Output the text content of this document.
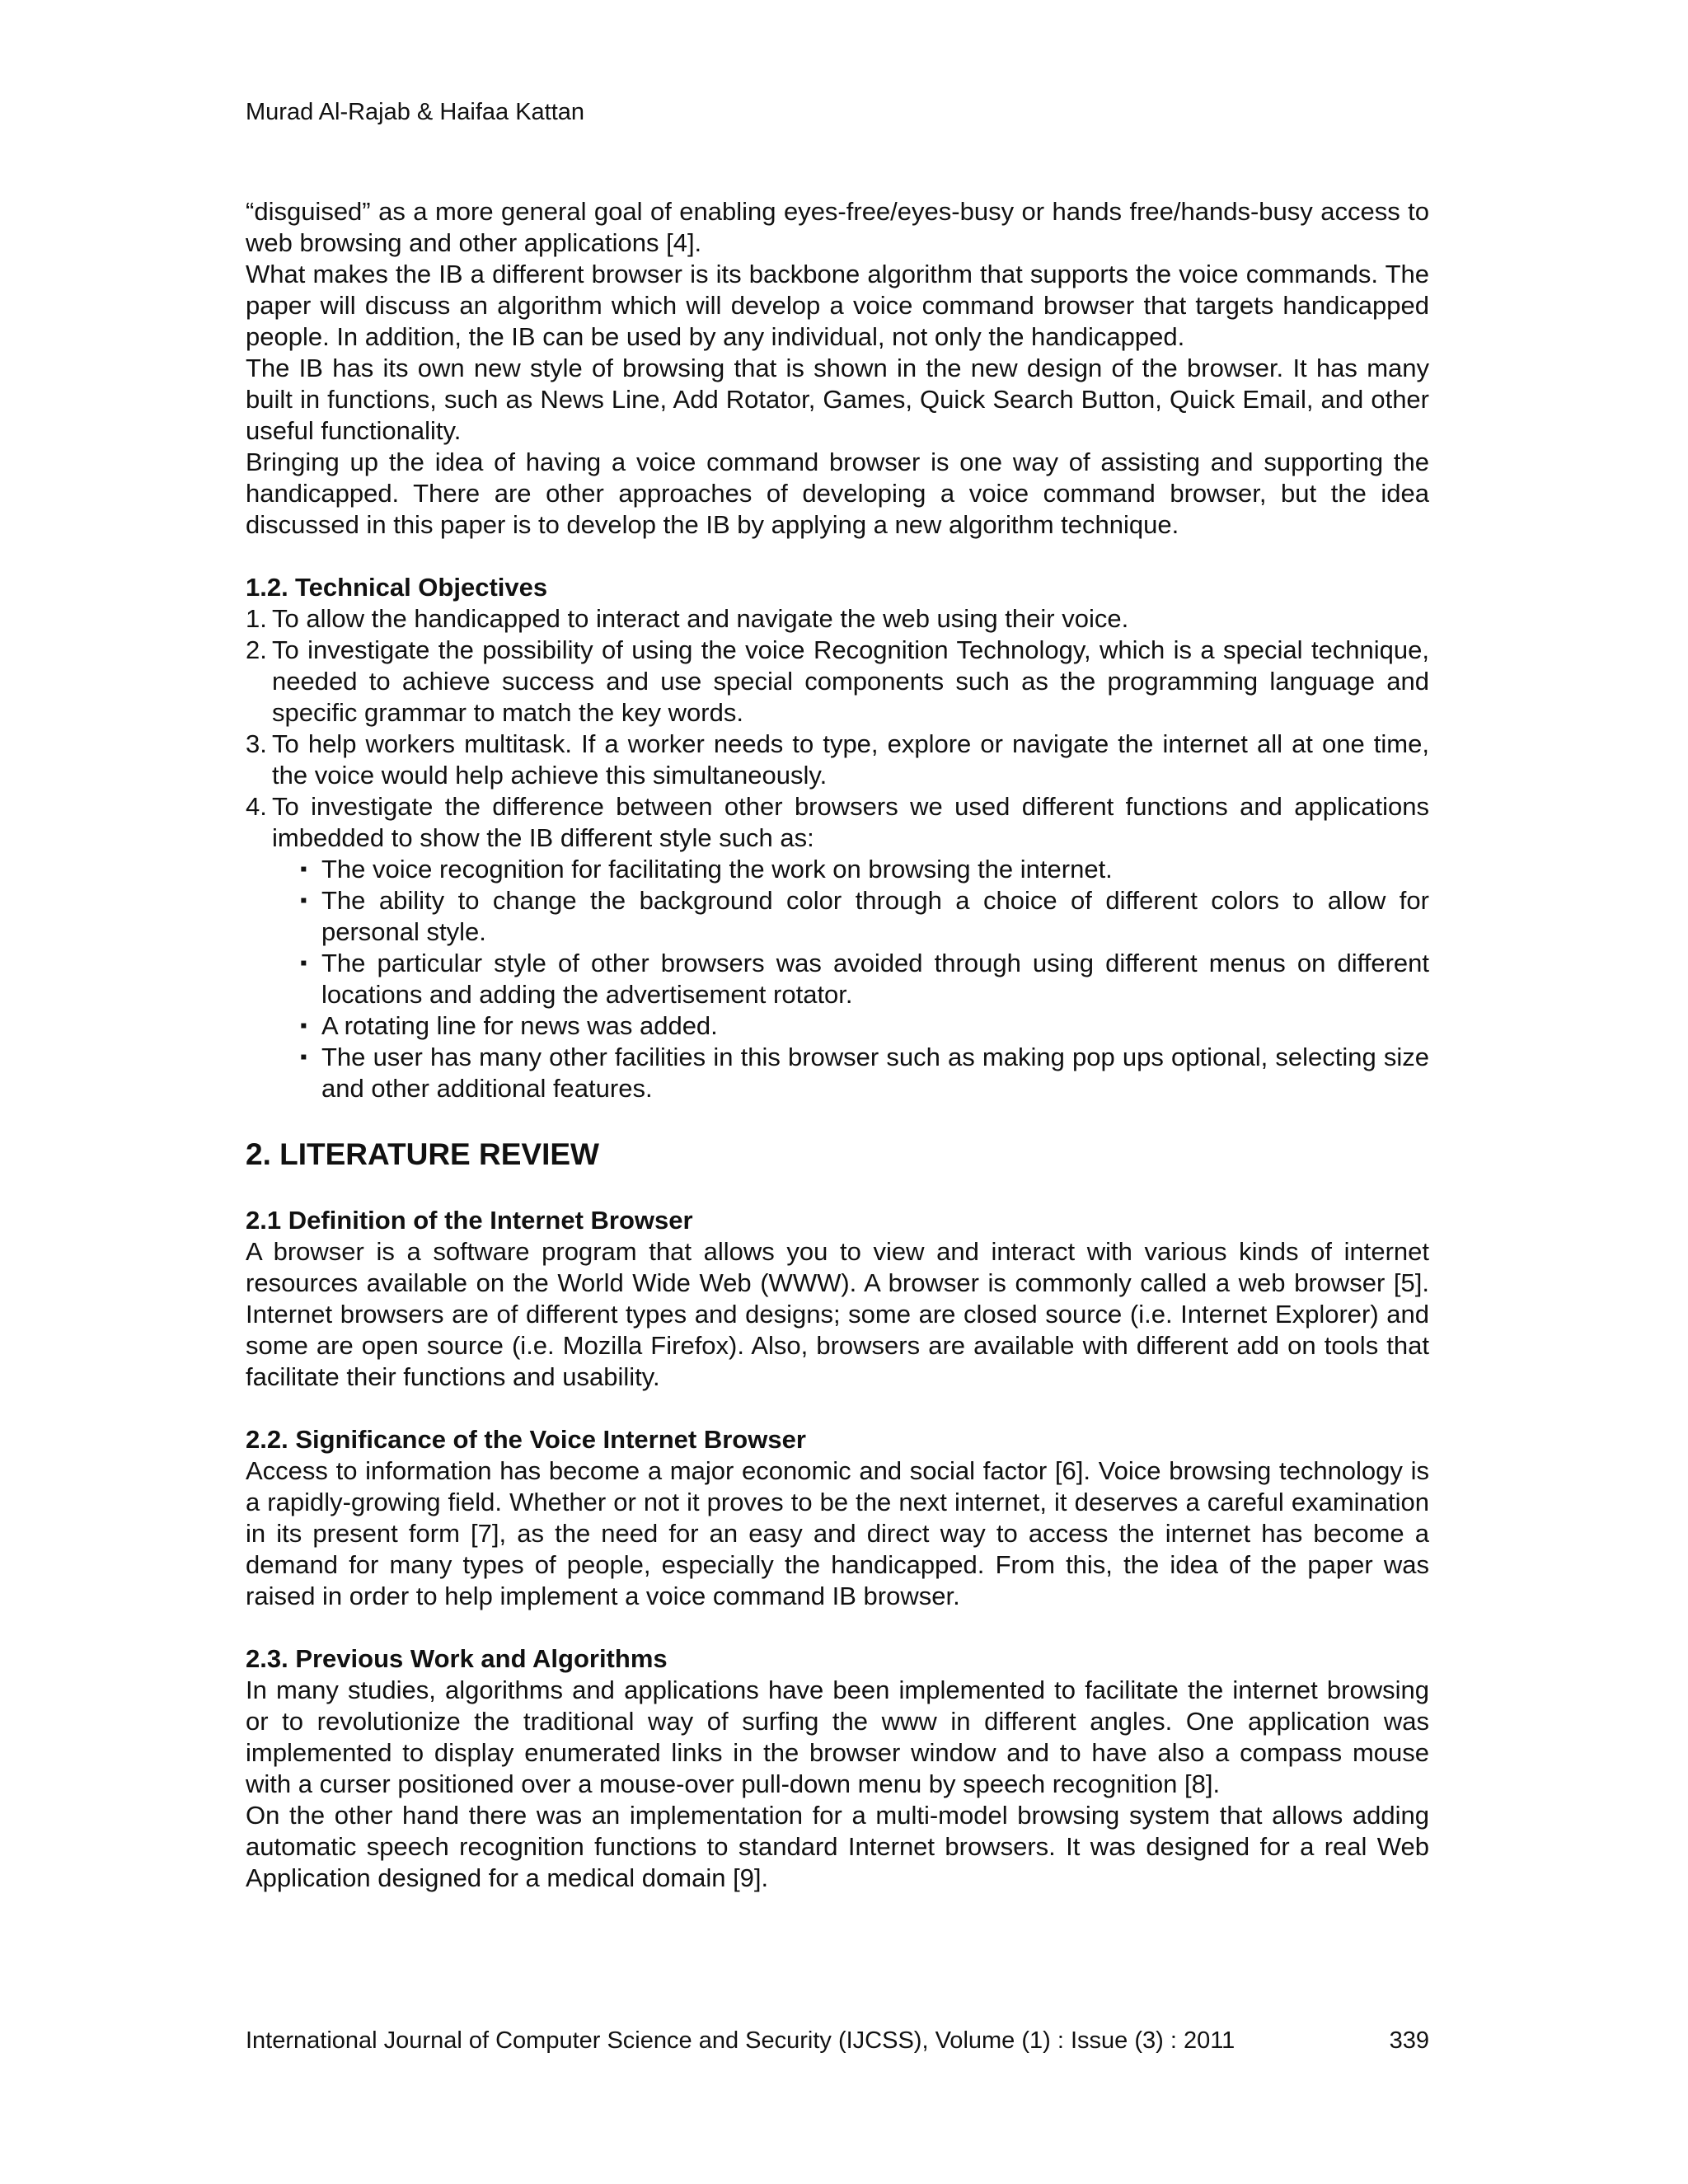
Murad Al-Rajab & Haifaa Kattan

“disguised” as a more general goal of enabling eyes-free/eyes-busy or hands free/hands-busy access to web browsing and other applications [4].

What makes the IB a different browser is its backbone algorithm that supports the voice commands. The paper will discuss an algorithm which will develop a voice command browser that targets handicapped people. In addition, the IB can be used by any individual, not only the handicapped.

The IB has its own new style of browsing that is shown in the new design of the browser. It has many built in functions, such as News Line, Add Rotator, Games, Quick Search Button, Quick Email, and other useful functionality.

Bringing up the idea of having a voice command browser is one way of assisting and supporting the handicapped. There are other approaches of developing a voice command browser, but the idea discussed in this paper is to develop the IB by applying a new algorithm technique.

1.2. Technical Objectives
1. To allow the handicapped to interact and navigate the web using their voice.
2. To investigate the possibility of using the voice Recognition Technology, which is a special technique, needed to achieve success and use special components such as the programming language and specific grammar to match the key words.
3. To help workers multitask. If a worker needs to type, explore or navigate the internet all at one time, the voice would help achieve this simultaneously.
4. To investigate the difference between other browsers we used different functions and applications imbedded to show the IB different style such as:
▪ The voice recognition for facilitating the work on browsing the internet.
▪ The ability to change the background color through a choice of different colors to allow for personal style.
▪ The particular style of other browsers was avoided through using different menus on different locations and adding the advertisement rotator.
▪ A rotating line for news was added.
▪ The user has many other facilities in this browser such as making pop ups optional, selecting size and other additional features.
2. LITERATURE REVIEW
2.1 Definition of the Internet Browser

A browser is a software program that allows you to view and interact with various kinds of internet resources available on the World Wide Web (WWW). A browser is commonly called a web browser [5]. Internet browsers are of different types and designs; some are closed source (i.e. Internet Explorer) and some are open source (i.e. Mozilla Firefox). Also, browsers are available with different add on tools that facilitate their functions and usability.

2.2. Significance of the Voice Internet Browser

Access to information has become a major economic and social factor [6]. Voice browsing technology is a rapidly-growing field. Whether or not it proves to be the next internet, it deserves a careful examination in its present form [7], as the need for an easy and direct way to access the internet has become a demand for many types of people, especially the handicapped. From this, the idea of the paper was raised in order to help implement a voice command IB browser.

2.3. Previous Work and Algorithms

In many studies, algorithms and applications have been implemented to facilitate the internet browsing or to revolutionize the traditional way of surfing the www in different angles. One application was implemented to display enumerated links in the browser window and to have also a compass mouse with a curser positioned over a mouse-over pull-down menu by speech recognition [8].

On the other hand there was an implementation for a multi-model browsing system that allows adding automatic speech recognition functions to standard Internet browsers. It was designed for a real Web Application designed for a medical domain [9].

International Journal of Computer Science and Security (IJCSS), Volume (1) : Issue (3) : 2011	339
